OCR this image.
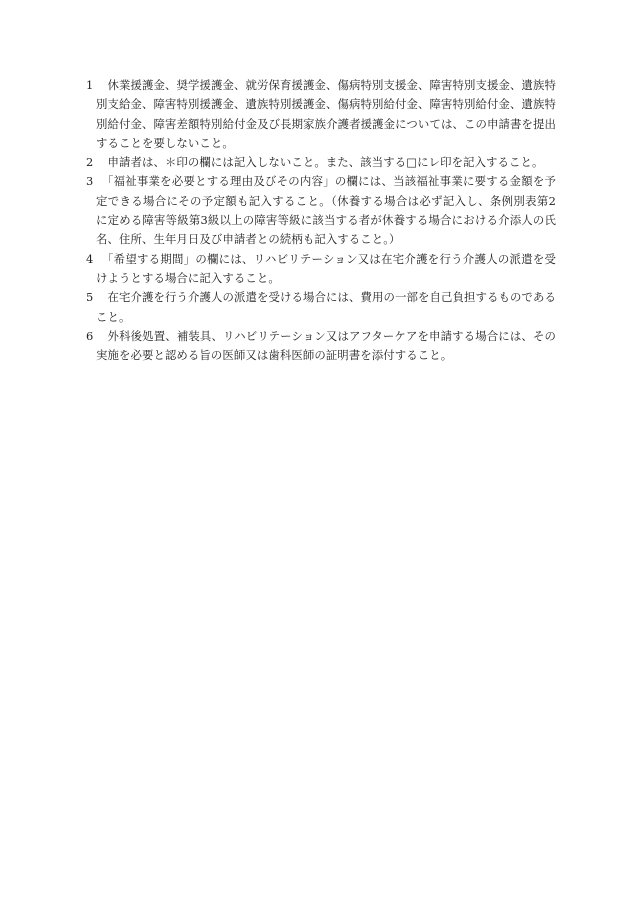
1 　休業援護金、奨学援護金、就労保育援護金、傷病特別支援金、障害特別支援金、遺族特別支給金、障害特別援護金、遺族特別援護金、傷病特別給付金、障害特別給付金、遺族特別給付金、障害差額特別給付金及び長期家族介護者援護金については、この申請書を提出することを要しないこと。
2 　申請者は、＊印の欄には記入しないこと。また、該当する□にレ印を記入すること。
3 　「福祉事業を必要とする理由及びその内容」の欄には、当該福祉事業に要する金額を予定できる場合にその予定額も記入すること。（休養する場合は必ず記入し、条例別表第2に定める障害等級第3級以上の障害等級に該当する者が休養する場合における介添人の氏名、住所、生年月日及び申請者との続柄も記入すること。）
4 　「希望する期間」の欄には、リハビリテーション又は在宅介護を行う介護人の派遣を受けようとする場合に記入すること。
5 　在宅介護を行う介護人の派遣を受ける場合には、費用の一部を自己負担するものであること。
6 　外科後処置、補装具、リハビリテーション又はアフターケアを申請する場合には、その実施を必要と認める旨の医師又は歯科医師の証明書を添付すること。
